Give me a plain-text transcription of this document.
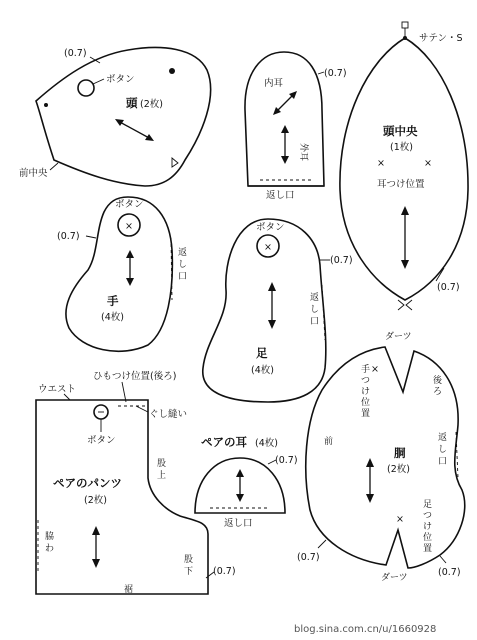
(0.7)
ボタン
頭 (2枚)
前中央
(0.7)
内耳
外耳
返し口
サテン・S
頭中央
(1枚)
×	×
耳つけ位置
(0.7)
×
ボタン
手
(4枚)
(0.7)
返
し
口
×
ボタン
足
(4枚)
(0.7)
返
し
口
ダーツ
手
つ
け
位
置
×
後
ろ
前
胴
(2枚)
返
し
口
×
足
つ
け
位
置
(0.7)
(0.7)
ダーツ
ペアの耳 (4枚)
(0.7)
返し口
ウエスト
ひもつけ位置(後ろ)
ぐし縫い
ボタン
股
上
ペアのパンツ
(2枚)
脇
わ
股
下 (0.7)
裾
blog.sina.com.cn/u/1660928
